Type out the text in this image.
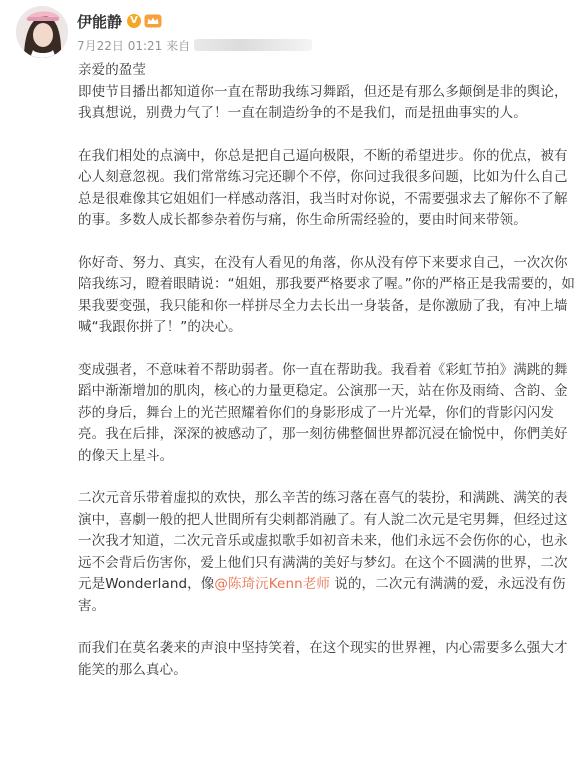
伊能静 V
7月22日 01:21 来自

亲爱的盈莹

即使节目播出都知道你一直在帮助我练习舞蹈，但还是有那么多颠倒是非的舆论，我真想说，别费力气了！一直在制造纷争的不是我们，而是扭曲事实的人。

在我们相处的点滴中，你总是把自己逼向极限，不断的希望进步。你的优点，被有心人刻意忽视。我们常常练习完还聊个不停，你问过我很多问题，比如为什么自己总是很难像其它姐姐们一样感动落泪，我当时对你说，不需要强求去了解你不了解的事。多数人成长都参杂着伤与痛，你生命所需经验的，要由时间来带领。

你好奇、努力、真实，在没有人看见的角落，你从没有停下来要求自己，一次次你陪我练习，瞪着眼睛说：“姐姐，那我要严格要求了喔。”你的严格正是我需要的，如果我要变强，我只能和你一样拼尽全力去长出一身装备，是你激励了我，有冲上墙喊“我跟你拼了！”的决心。

变成强者，不意味着不帮助弱者。你一直在帮助我。我看着《彩虹节拍》满跳的舞蹈中渐渐增加的肌肉，核心的力量更稳定。公演那一天，站在你及雨绮、含韵、金莎的身后，舞台上的光芒照耀着你们的身影形成了一片光晕，你们的背影闪闪发亮。我在后排，深深的被感动了，那一刻彷佛整個世界都沉浸在愉悦中，你們美好的像天上星斗。

二次元音乐带着虚拟的欢快，那么辛苦的练习落在喜气的装扮，和满跳、满笑的表演中，喜劇一般的把人世間所有尖刺都消融了。有人說二次元是宅男舞，但经过这一次我才知道，二次元音乐或虚拟歌手如初音未来，他们永远不会伤你的心，也永远不会背后伤害你，爱上他们只有满满的美好与梦幻。在这个不圆满的世界，二次元是Wonderland，像@陈琦沅Kenn老师 说的，二次元有满满的爱，永远没有伤害。

而我们在莫名袭来的声浪中坚持笑着，在这个现实的世界裡，内心需要多么强大才能笑的那么真心。
